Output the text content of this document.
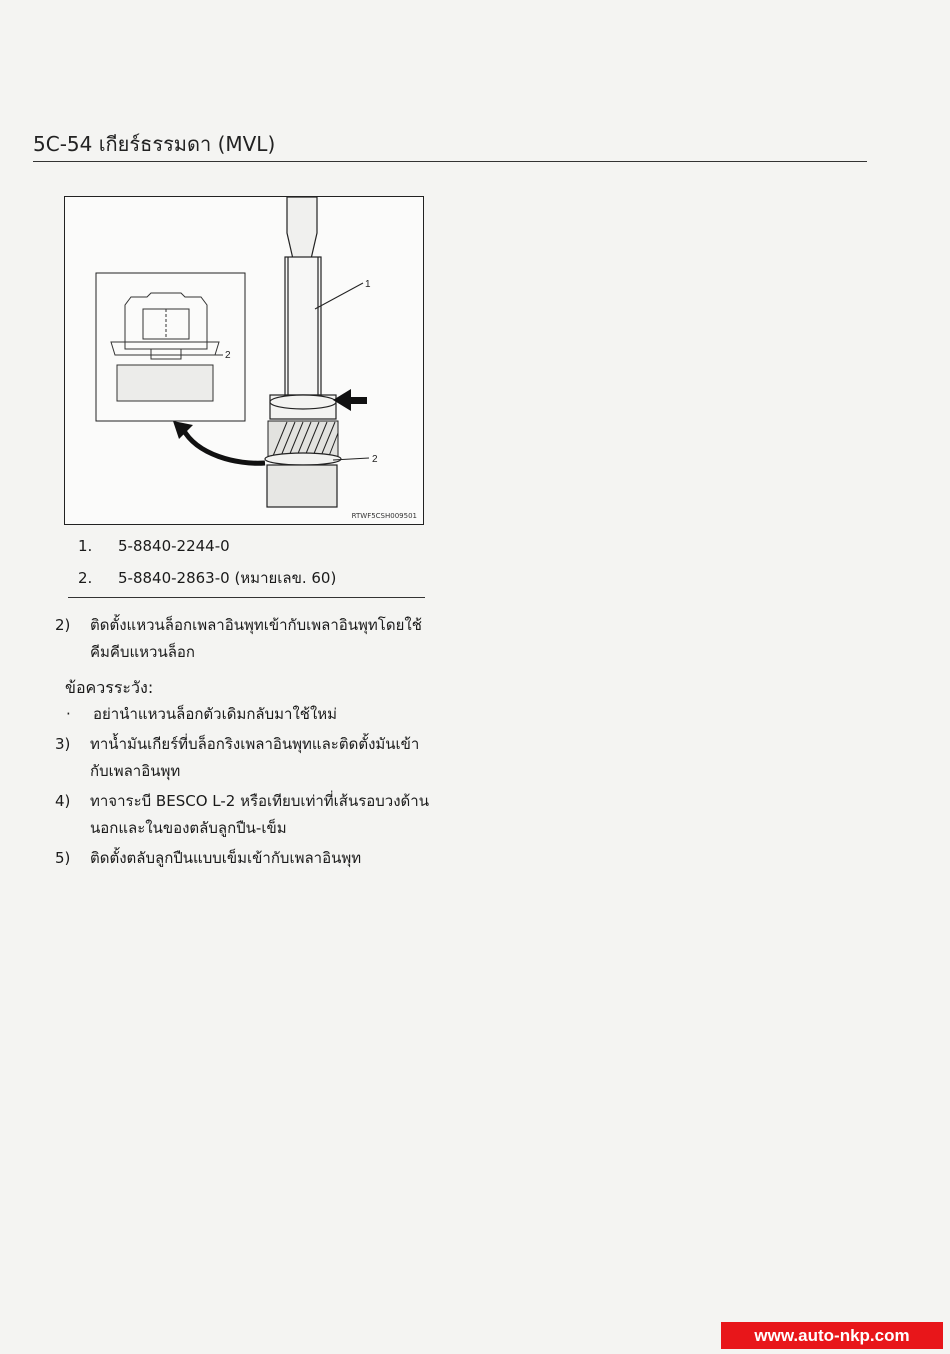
5C-54 เกียร์ธรรมดา (MVL)
2
1
2
RTWF5CSH009501
1.	5-8840-2244-0
2.	5-8840-2863-0 (หมายเลข. 60)
2)	ติดตั้งแหวนล็อกเพลาอินพุทเข้ากับเพลาอินพุทโดยใช้คีมคีบแหวนล็อก
ข้อควรระวัง:
·	อย่านำแหวนล็อกตัวเดิมกลับมาใช้ใหม่
3)	ทาน้ำมันเกียร์ที่บล็อกริงเพลาอินพุทและติดตั้งมันเข้ากับเพลาอินพุท
4)	ทาจาระบี BESCO L-2 หรือเทียบเท่าที่เส้นรอบวงด้านนอกและในของตลับลูกปืน-เข็ม
5)	ติดตั้งตลับลูกปืนแบบเข็มเข้ากับเพลาอินพุท
www.auto-nkp.com
